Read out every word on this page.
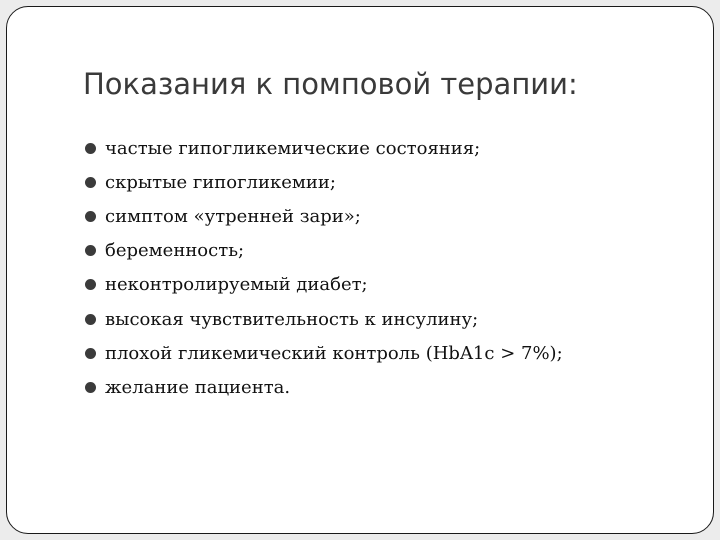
Показания к помповой терапии:
частые гипогликемические состояния;
скрытые гипогликемии;
симптом «утренней зари»;
беременность;
неконтролируемый диабет;
высокая чувствительность к инсулину;
плохой гликемический контроль (HbA1c > 7%);
желание пациента.
